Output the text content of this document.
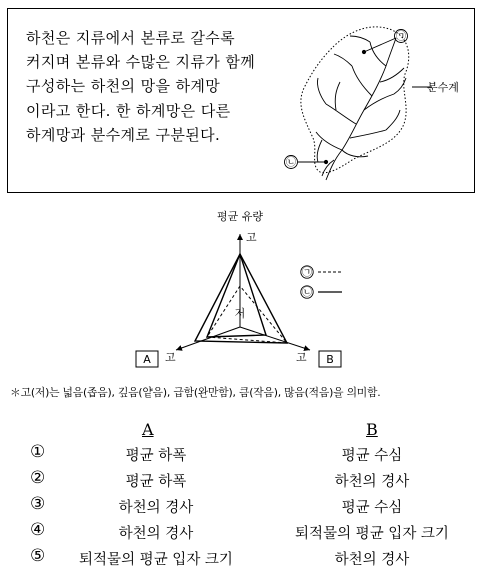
하천은 지류에서 본류로 갈수록
커지며 본류와 수많은 지류가 함께
구성하는 하천의 망을 하계망
이라고 한다. 한 하계망은 다른
하계망과 분수계로 구분된다.
㉠
㉡
분수계
평균 유량
고
고	고
저
A	B
㉠
㉡
＊고(저)는 넓음(좁음), 깊음(얕음), 급함(완만함), 큼(작음), 많음(적음)을 의미함.
A	B
①	평균 하폭	평균 수심
②	평균 하폭	하천의 경사
③	하천의 경사	평균 수심
④	하천의 경사	퇴적물의 평균 입자 크기
⑤ 퇴적물의 평균 입자 크기	하천의 경사
